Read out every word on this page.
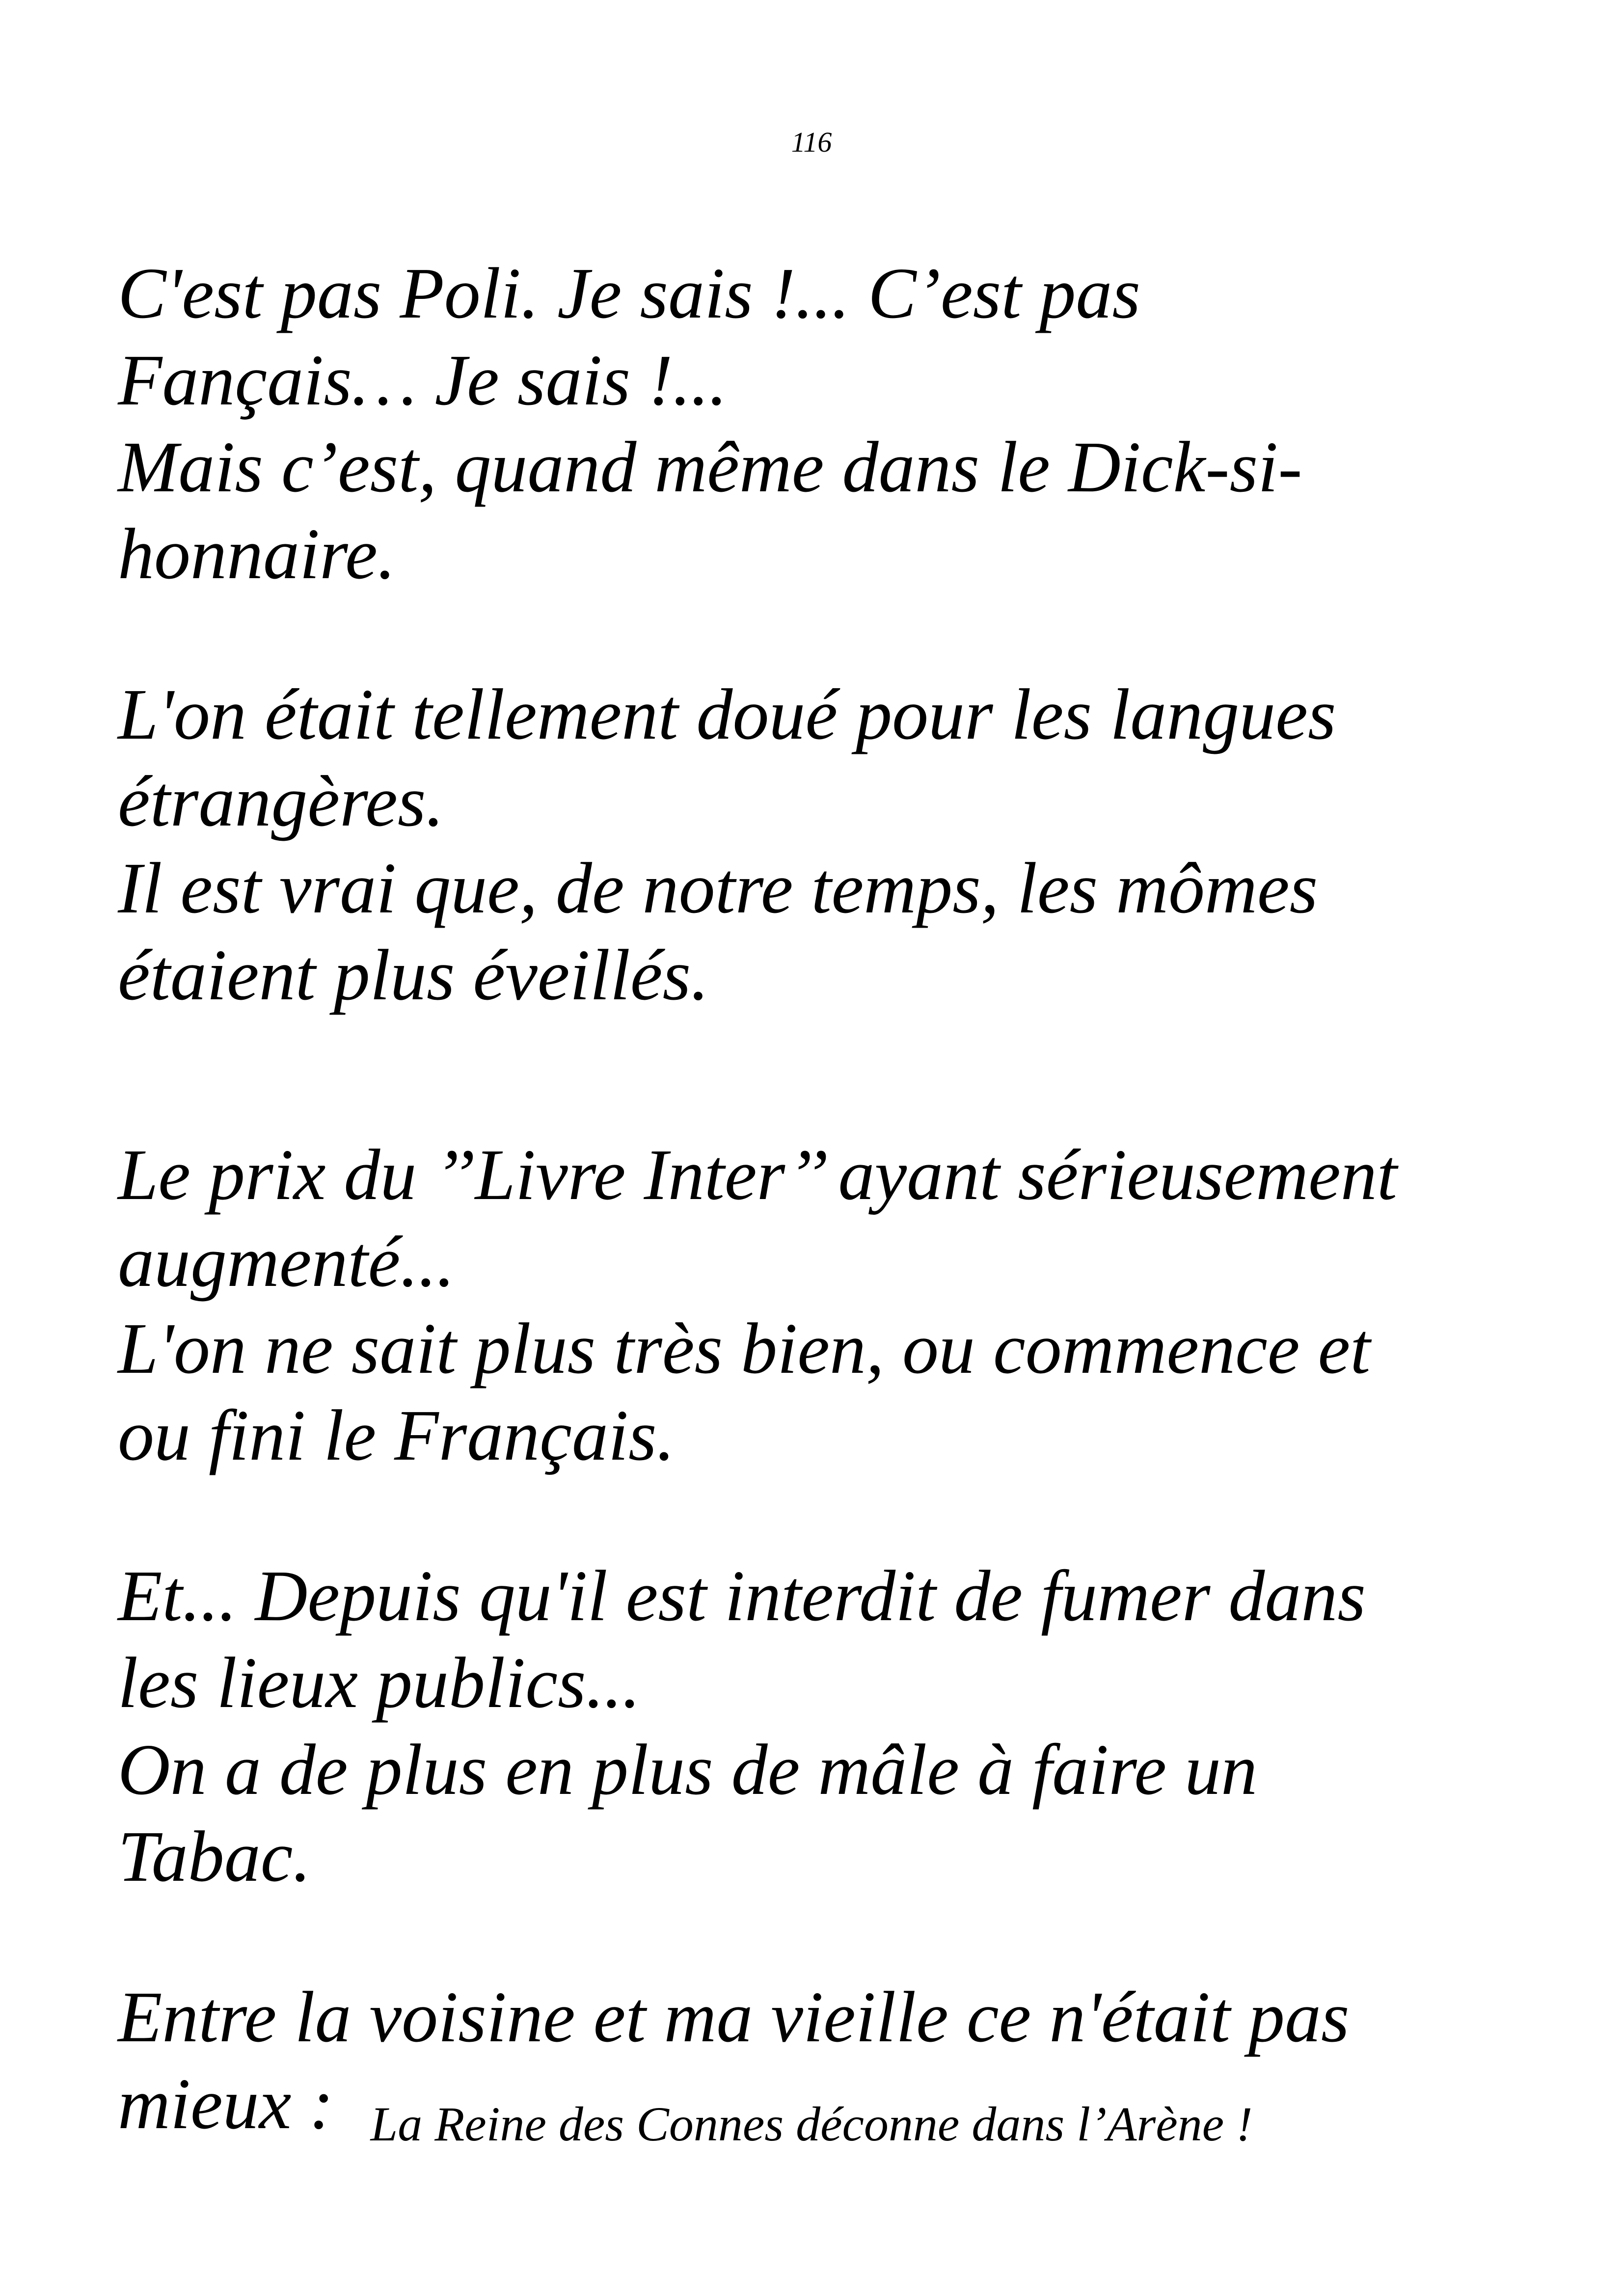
116

C'est pas Poli. Je sais !... C’est pas

Fançais… Je sais !...

Mais c’est, quand même dans le Dick-si-

honnaire.

L'on était tellement doué pour les langues

étrangères.

Il est vrai que, de notre temps, les mômes

étaient plus éveillés.

Le prix du ’’Livre Inter’’ ayant sérieusement

augmenté...

L'on ne sait plus très bien, ou commence et

ou fini le Français.

Et... Depuis qu'il est interdit de fumer dans

les lieux publics...

On a de plus en plus de mâle à faire un

Tabac.

Entre la voisine et ma vieille ce n'était pas

mieux : La Reine des Connes déconne dans l’Arène !
